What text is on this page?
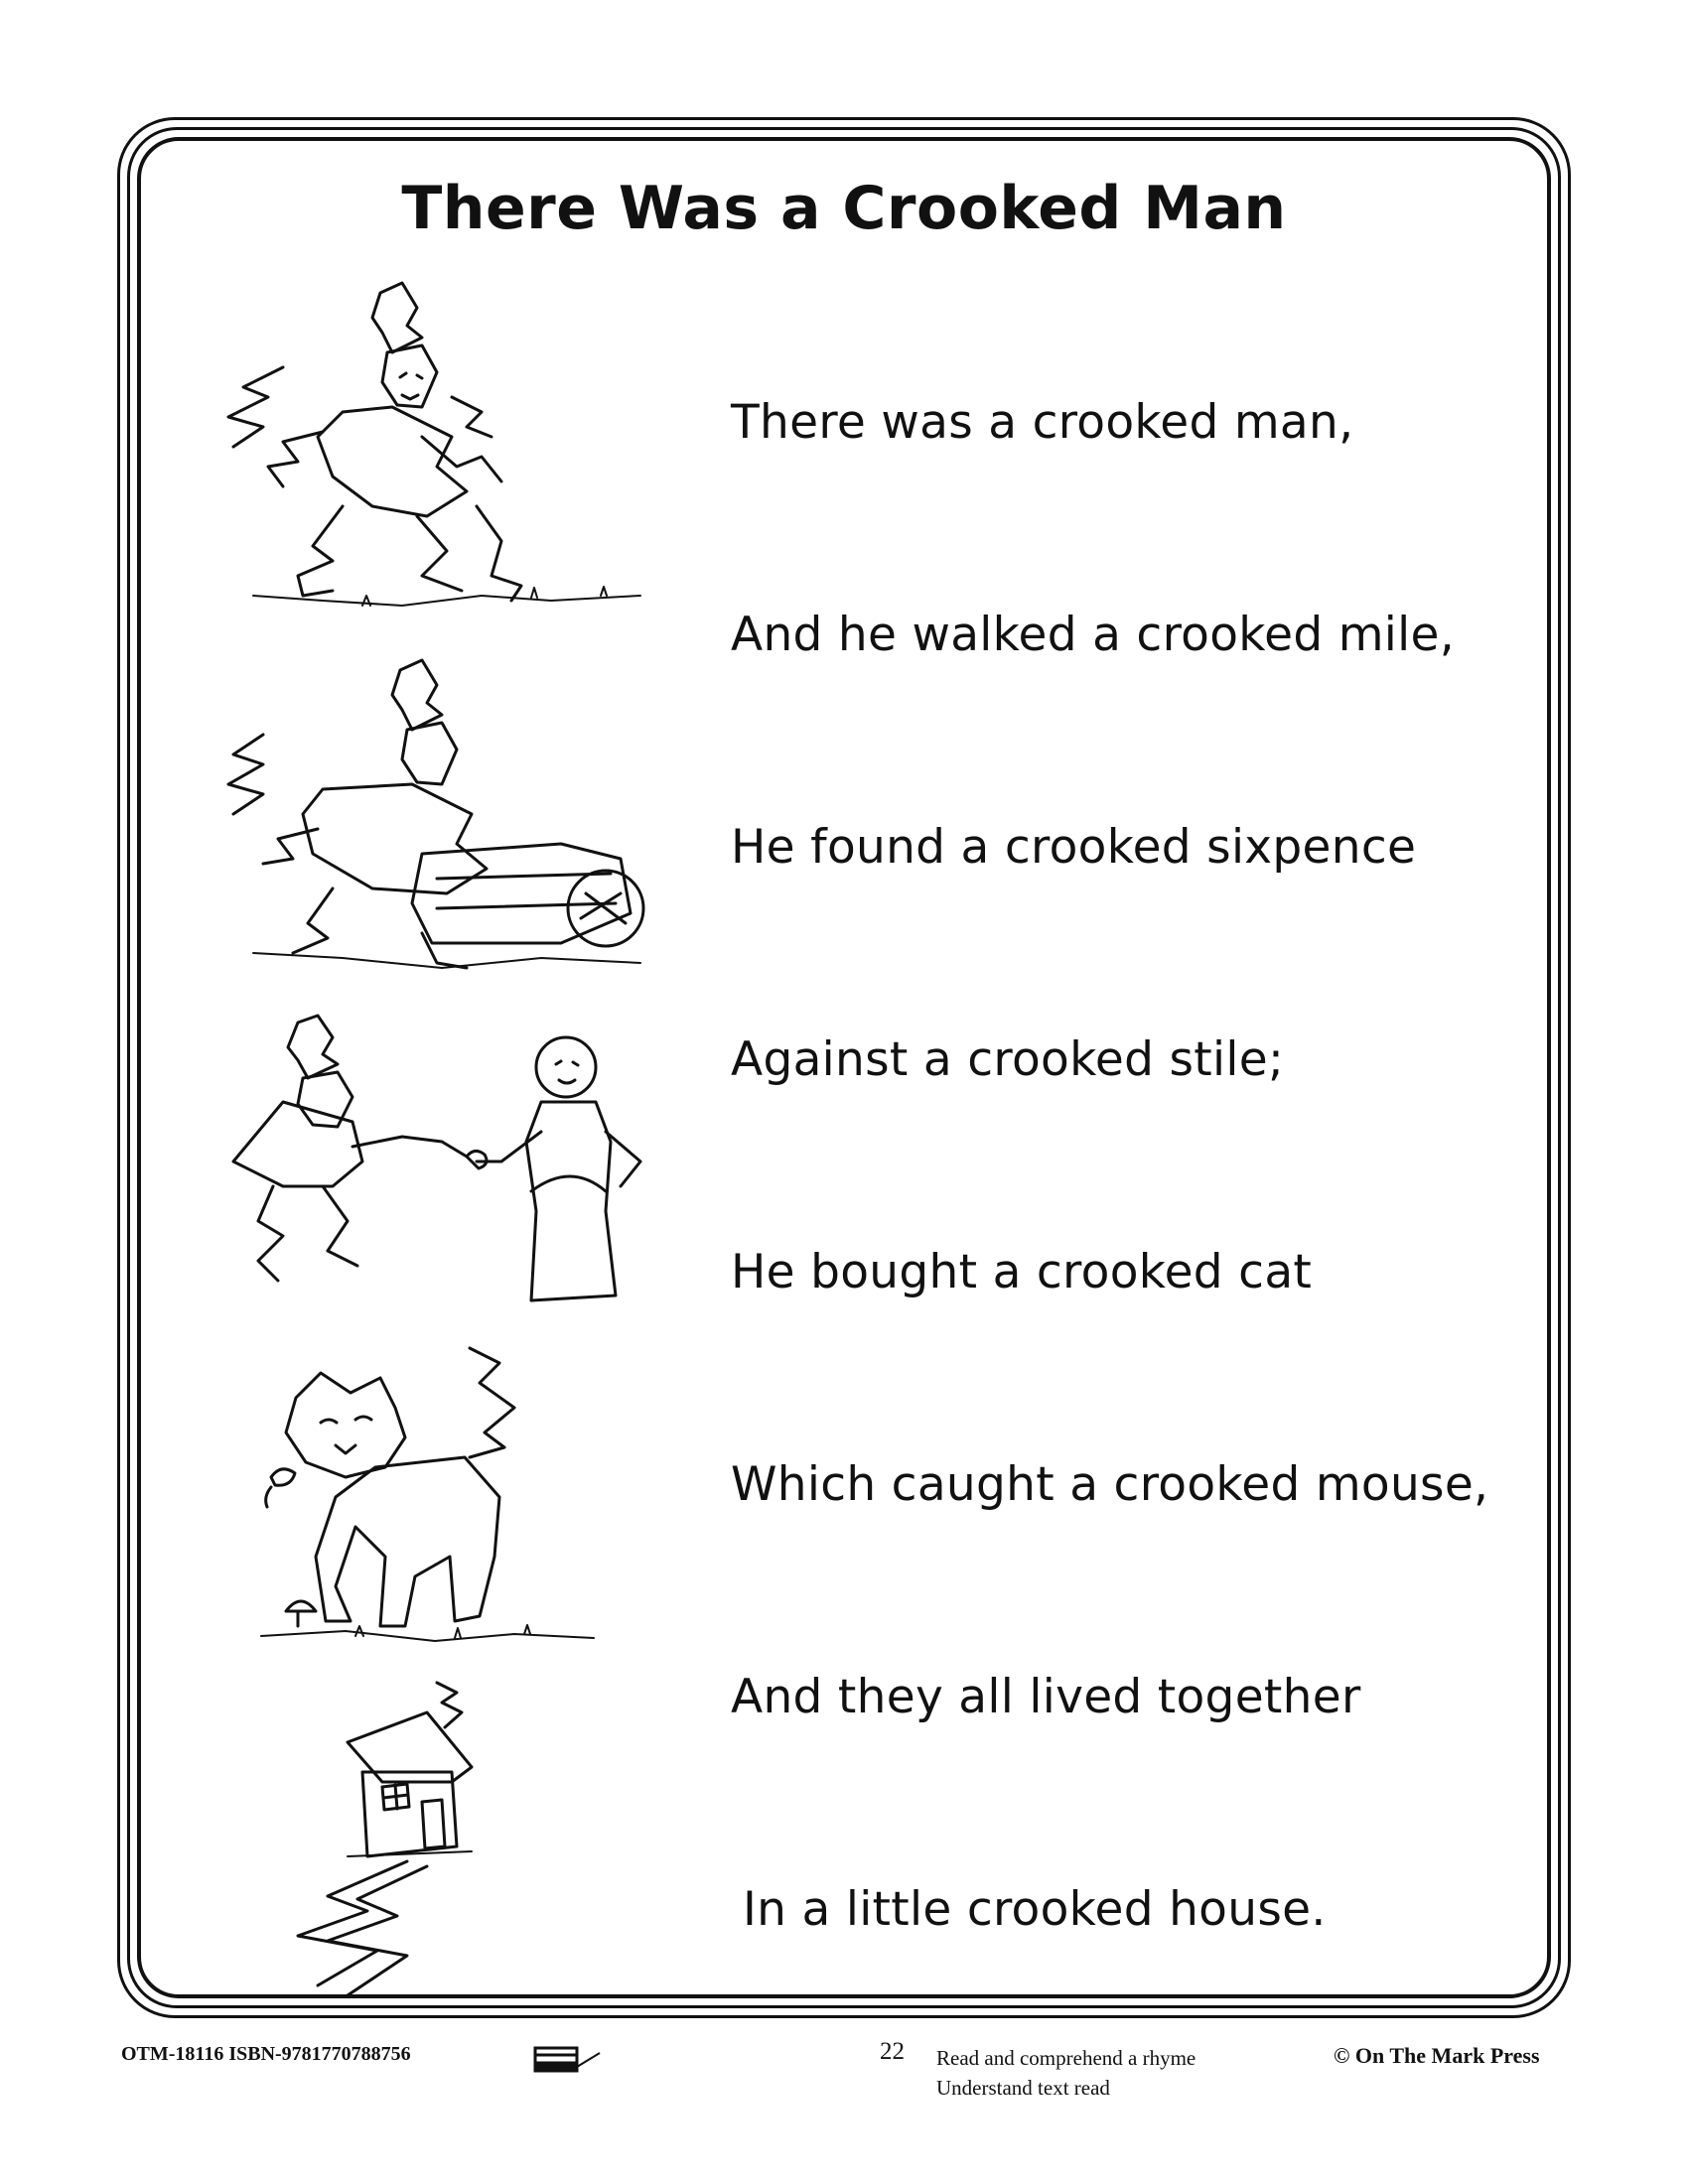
There Was a Crooked Man

There was a crooked man,

And he walked a crooked mile,

He found a crooked sixpence

Against a crooked stile;

He bought a crooked cat

Which caught a crooked mouse,

And they all lived together

In a little crooked house.

OTM-18116 ISBN-9781770788756	22 Read and comprehend a rhyme
Understand text read
© On The Mark Press
